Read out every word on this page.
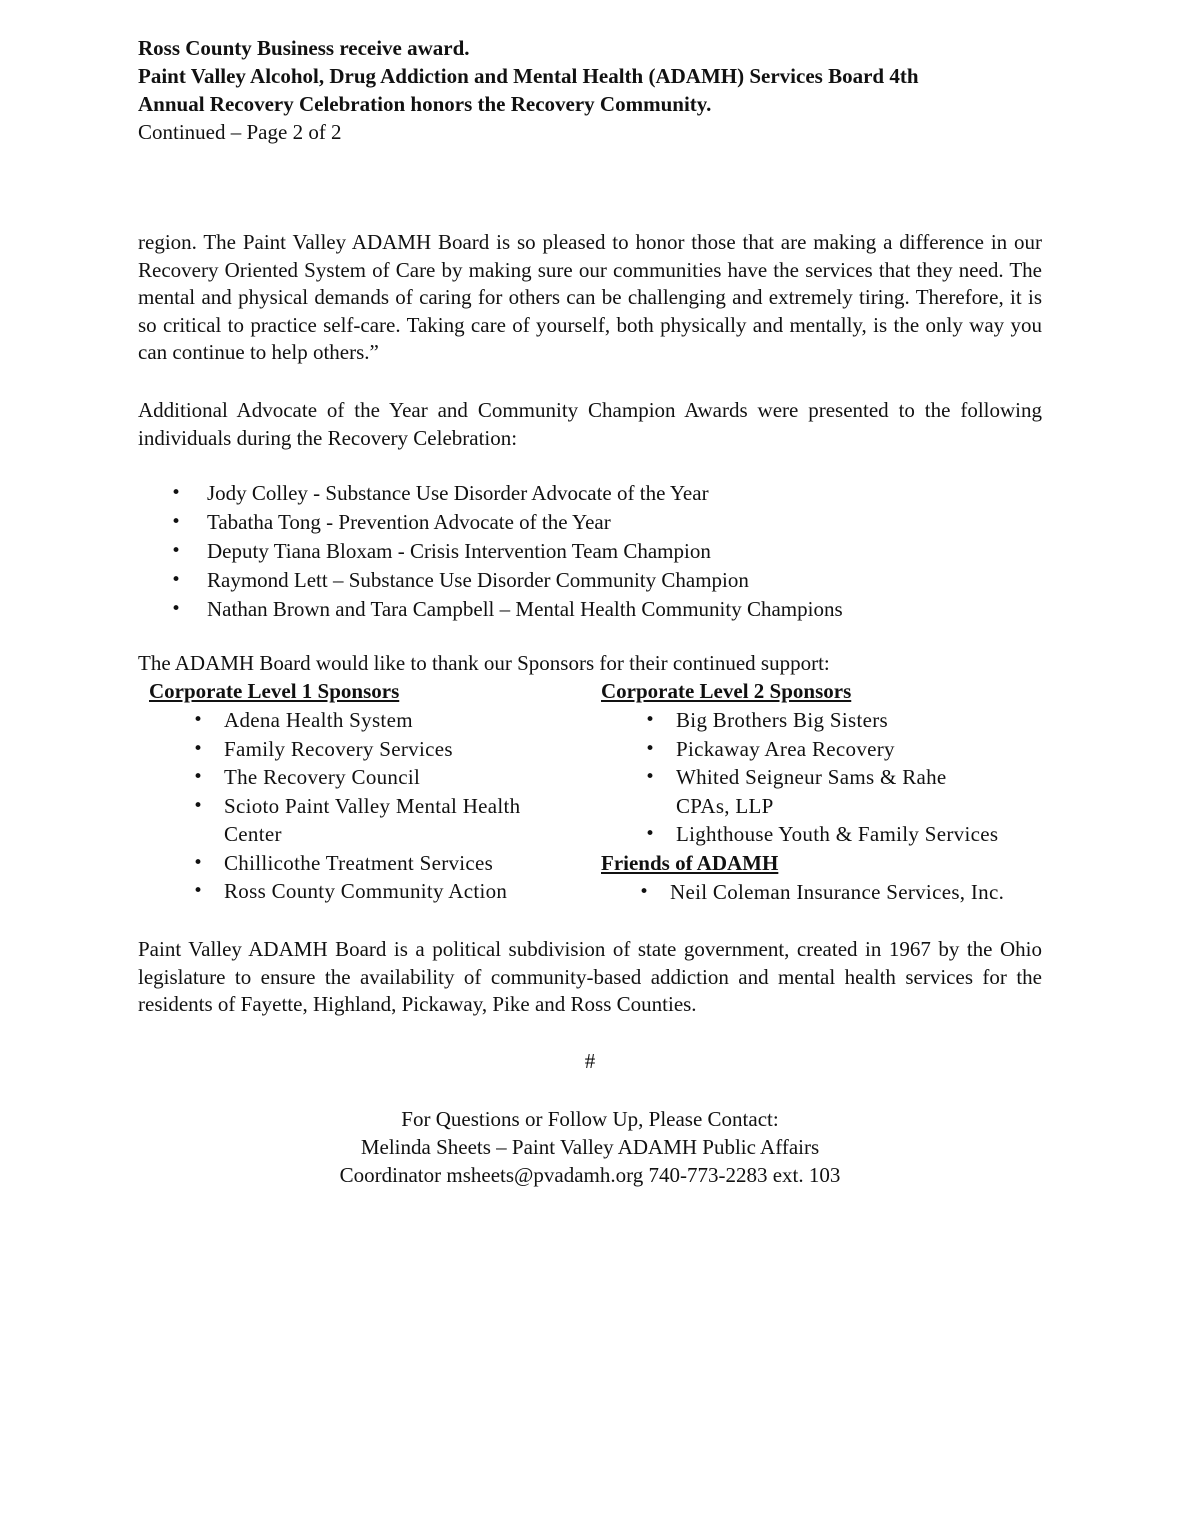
Ross County Business receive award.

Paint Valley Alcohol, Drug Addiction and Mental Health (ADAMH) Services Board 4th

Annual Recovery Celebration honors the Recovery Community.

Continued – Page 2 of 2

region. The Paint Valley ADAMH Board is so pleased to honor those that are making a difference in our Recovery Oriented System of Care by making sure our communities have the services that they need. The mental and physical demands of caring for others can be challenging and extremely tiring. Therefore, it is so critical to practice self-care. Taking care of yourself, both physically and mentally, is the only way you can continue to help others.”

Additional Advocate of the Year and Community Champion Awards were presented to the following individuals during the Recovery Celebration:

• Jody Colley - Substance Use Disorder Advocate of the Year
• Tabatha Tong - Prevention Advocate of the Year
• Deputy Tiana Bloxam - Crisis Intervention Team Champion
• Raymond Lett – Substance Use Disorder Community Champion
• Nathan Brown and Tara Campbell – Mental Health Community Champions

The ADAMH Board would like to thank our Sponsors for their continued support:

Corporate Level 1 Sponsors

• Adena Health System
• Family Recovery Services
• The Recovery Council
• Scioto Paint Valley Mental Health Center
• Chillicothe Treatment Services
• Ross County Community Action

Corporate Level 2 Sponsors

• Big Brothers Big Sisters
• Pickaway Area Recovery
• Whited Seigneur Sams & Rahe CPAs, LLP
• Lighthouse Youth & Family Services

Friends of ADAMH

• Neil Coleman Insurance Services, Inc.

Paint Valley ADAMH Board is a political subdivision of state government, created in 1967 by the Ohio legislature to ensure the availability of community-based addiction and mental health services for the residents of Fayette, Highland, Pickaway, Pike and Ross Counties.

#

For Questions or Follow Up, Please Contact:

Melinda Sheets – Paint Valley ADAMH Public Affairs

Coordinator msheets@pvadamh.org 740-773-2283 ext. 103
